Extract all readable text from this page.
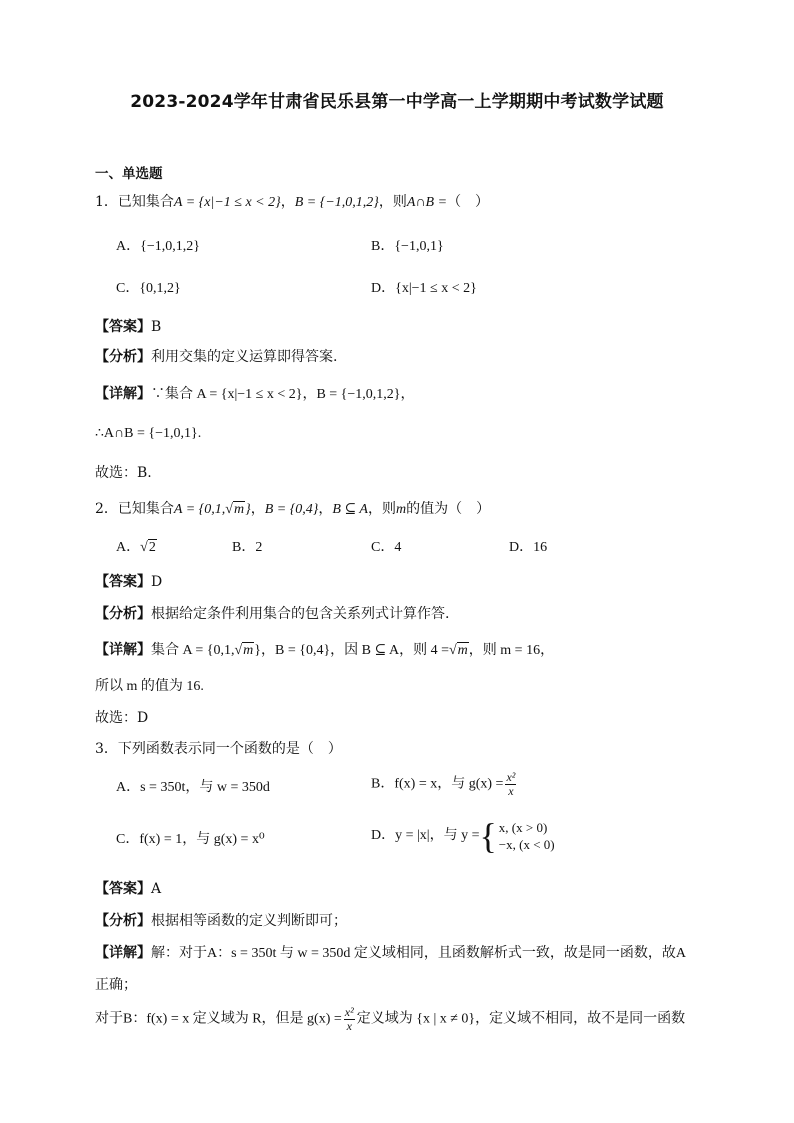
2023-2024学年甘肃省民乐县第一中学高一上学期期中考试数学试题
一、单选题
1．已知集合A = {x|−1 ≤ x < 2}，B = {−1,0,1,2}，则A∩B =（　）
A．{−1,0,1,2}	B．{−1,0,1}
C．{0,1,2}	D．{x|−1 ≤ x < 2}
【答案】B
【分析】利用交集的定义运算即得答案.
【详解】∵集合 A = {x|−1 ≤ x < 2}，B = {−1,0,1,2}，
∴A∩B = {−1,0,1}.
故选：B.
2．已知集合A = {0,1,√m}，B = {0,4}，B ⊆ A，则m的值为（　）
A．√2	B．2	C．4	D．16
【答案】D
【分析】根据给定条件利用集合的包含关系列式计算作答.
【详解】集合 A = {0,1,√m}，B = {0,4}，因 B ⊆ A，则 4 =√m，则 m = 16，
所以 m 的值为 16.
故选：D
3．下列函数表示同一个函数的是（　）
A．s = 350t，与 w = 350d	B．f(x) = x，与 $g(x) = \frac{\text{x²}}{x}$
C．f(x) = 1，与 g(x) = x⁰	D．y = |x|，与 y = { x, (x > 0)
−x, (x < 0)
【答案】A
【分析】根据相等函数的定义判断即可；
【详解】解：对于A：s = 350t 与 w = 350d 定义域相同，且函数解析式一致，故是同一函数，故A
正确；
对于B：f(x) = x 定义域为 R，但是 $g(x) = \frac{\text{x²}}{x}$ 定义域为 {x | x ≠ 0}，定义域不相同，故不是同一函数
